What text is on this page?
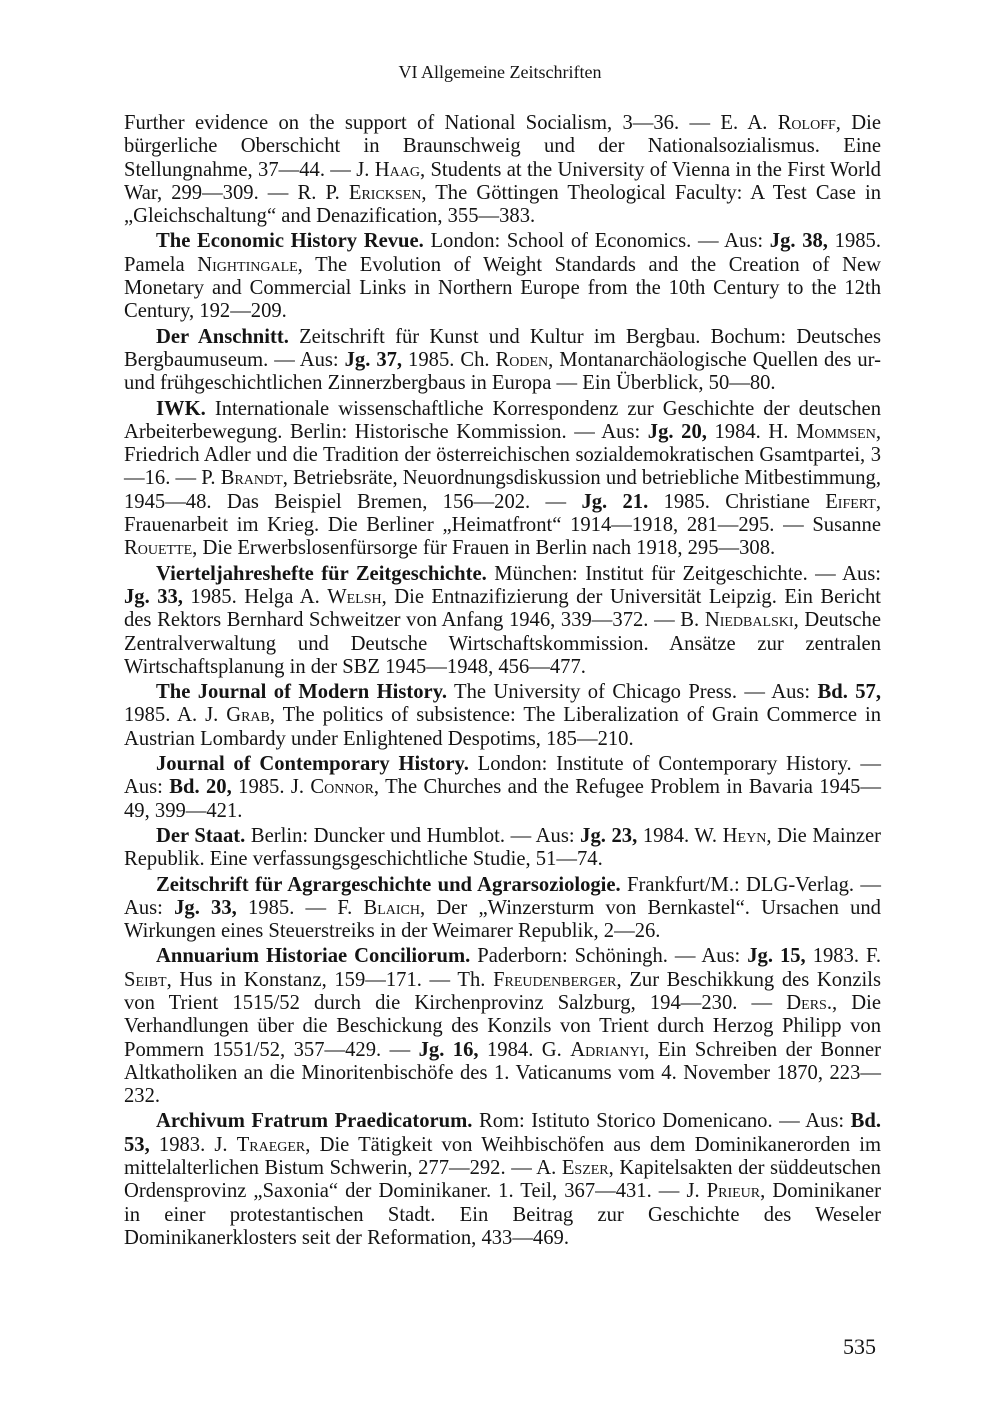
VI Allgemeine Zeitschriften

Further evidence on the support of National Socialism, 3—36. — E. A. Roloff, Die bürgerliche Oberschicht in Braunschweig und der Nationalsozialismus. Eine Stellungnahme, 37—44. — J. Haag, Students at the University of Vienna in the First World War, 299—309. — R. P. Ericksen, The Göttingen Theological Faculty: A Test Case in „Gleichschaltung“ and Denazification, 355—383.

The Economic History Revue. London: School of Economics. — Aus: Jg. 38, 1985. Pamela Nightingale, The Evolution of Weight Standards and the Creation of New Monetary and Commercial Links in Northern Europe from the 10th Century to the 12th Century, 192—209.

Der Anschnitt. Zeitschrift für Kunst und Kultur im Bergbau. Bochum: Deutsches Bergbaumuseum. — Aus: Jg. 37, 1985. Ch. Roden, Montanarchäologische Quellen des ur- und frühgeschichtlichen Zinnerzbergbaus in Europa — Ein Überblick, 50—80.

IWK. Internationale wissenschaftliche Korrespondenz zur Geschichte der deutschen Arbeiterbewegung. Berlin: Historische Kommission. — Aus: Jg. 20, 1984. H. Mommsen, Friedrich Adler und die Tradition der österreichischen sozialdemokratischen Gsamtpartei, 3—16. — P. Brandt, Betriebsräte, Neuordnungsdiskussion und betriebliche Mitbestimmung, 1945—48. Das Beispiel Bremen, 156—202. — Jg. 21. 1985. Christiane Eifert, Frauenarbeit im Krieg. Die Berliner „Heimatfront“ 1914—1918, 281—295. — Susanne Rouette, Die Erwerbslosenfürsorge für Frauen in Berlin nach 1918, 295—308.

Vierteljahreshefte für Zeitgeschichte. München: Institut für Zeitgeschichte. — Aus: Jg. 33, 1985. Helga A. Welsh, Die Entnazifizierung der Universität Leipzig. Ein Bericht des Rektors Bernhard Schweitzer von Anfang 1946, 339—372. — B. Niedbalski, Deutsche Zentralverwaltung und Deutsche Wirtschaftskommission. Ansätze zur zentralen Wirtschaftsplanung in der SBZ 1945—1948, 456—477.

The Journal of Modern History. The University of Chicago Press. — Aus: Bd. 57, 1985. A. J. Grab, The politics of subsistence: The Liberalization of Grain Commerce in Austrian Lombardy under Enlightened Despotims, 185—210.

Journal of Contemporary History. London: Institute of Contemporary History. — Aus: Bd. 20, 1985. J. Connor, The Churches and the Refugee Problem in Bavaria 1945—49, 399—421.

Der Staat. Berlin: Duncker und Humblot. — Aus: Jg. 23, 1984. W. Heyn, Die Mainzer Republik. Eine verfassungsgeschichtliche Studie, 51—74.

Zeitschrift für Agrargeschichte und Agrarsoziologie. Frankfurt/M.: DLG-Verlag. — Aus: Jg. 33, 1985. — F. Blaich, Der „Winzersturm von Bernkastel“. Ursachen und Wirkungen eines Steuerstreiks in der Weimarer Republik, 2—26.

Annuarium Historiae Conciliorum. Paderborn: Schöningh. — Aus: Jg. 15, 1983. F. Seibt, Hus in Konstanz, 159—171. — Th. Freudenberger, Zur Beschikkung des Konzils von Trient 1515/52 durch die Kirchenprovinz Salzburg, 194—230. — Ders., Die Verhandlungen über die Beschickung des Konzils von Trient durch Herzog Philipp von Pommern 1551/52, 357—429. — Jg. 16, 1984. G. Adrianyi, Ein Schreiben der Bonner Altkatholiken an die Minoritenbischöfe des 1. Vaticanums vom 4. November 1870, 223—232.

Archivum Fratrum Praedicatorum. Rom: Istituto Storico Domenicano. — Aus: Bd. 53, 1983. J. Traeger, Die Tätigkeit von Weihbischöfen aus dem Dominikanerorden im mittelalterlichen Bistum Schwerin, 277—292. — A. Eszer, Kapitelsakten der süddeutschen Ordensprovinz „Saxonia“ der Dominikaner. 1. Teil, 367—431. — J. Prieur, Dominikaner in einer protestantischen Stadt. Ein Beitrag zur Geschichte des Weseler Dominikanerklosters seit der Reformation, 433—469.

535
